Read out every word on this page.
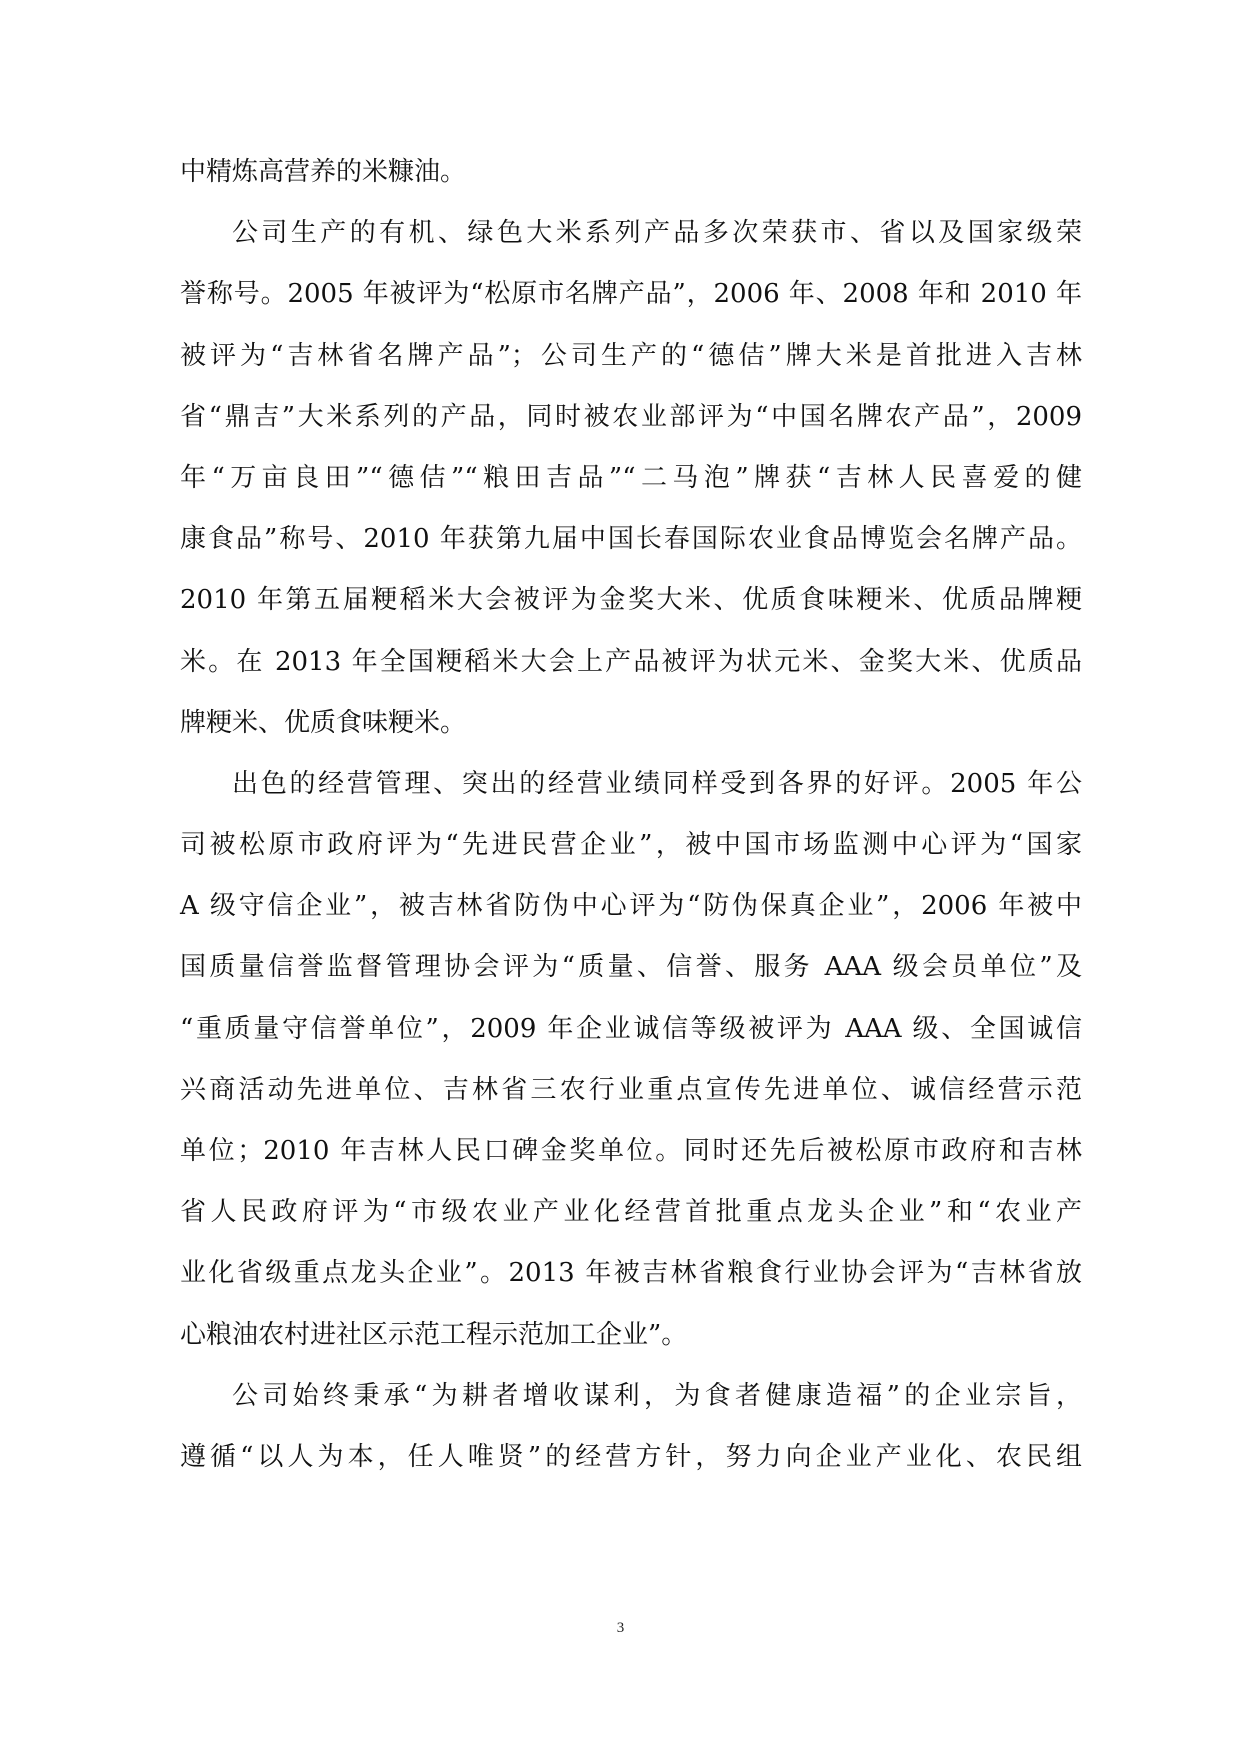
中精炼高营养的米糠油。
公司生产的有机、绿色大米系列产品多次荣获市、省以及国家级荣
誉称号。2005 年被评为“松原市名牌产品”，2006 年、2008 年和 2010 年
被评为“吉林省名牌产品”；公司生产的“德佶”牌大米是首批进入吉林
省“鼎吉”大米系列的产品，同时被农业部评为“中国名牌农产品”，2009
年“万亩良田”“德佶”“粮田吉品”“二马泡”牌获“吉林人民喜爱的健
康食品”称号、2010 年获第九届中国长春国际农业食品博览会名牌产品。
2010 年第五届粳稻米大会被评为金奖大米、优质食味粳米、优质品牌粳
米。在 2013 年全国粳稻米大会上产品被评为状元米、金奖大米、优质品
牌粳米、优质食味粳米。
出色的经营管理、突出的经营业绩同样受到各界的好评。2005 年公
司被松原市政府评为“先进民营企业”，被中国市场监测中心评为“国家
A 级守信企业”，被吉林省防伪中心评为“防伪保真企业”，2006 年被中
国质量信誉监督管理协会评为“质量、信誉、服务 AAA 级会员单位”及
“重质量守信誉单位”，2009 年企业诚信等级被评为 AAA 级、全国诚信
兴商活动先进单位、吉林省三农行业重点宣传先进单位、诚信经营示范
单位；2010 年吉林人民口碑金奖单位。同时还先后被松原市政府和吉林
省人民政府评为“市级农业产业化经营首批重点龙头企业”和“农业产
业化省级重点龙头企业”。2013 年被吉林省粮食行业协会评为“吉林省放
心粮油农村进社区示范工程示范加工企业”。
公司始终秉承“为耕者增收谋利，为食者健康造福”的企业宗旨，
遵循“以人为本，任人唯贤”的经营方针，努力向企业产业化、农民组
3
